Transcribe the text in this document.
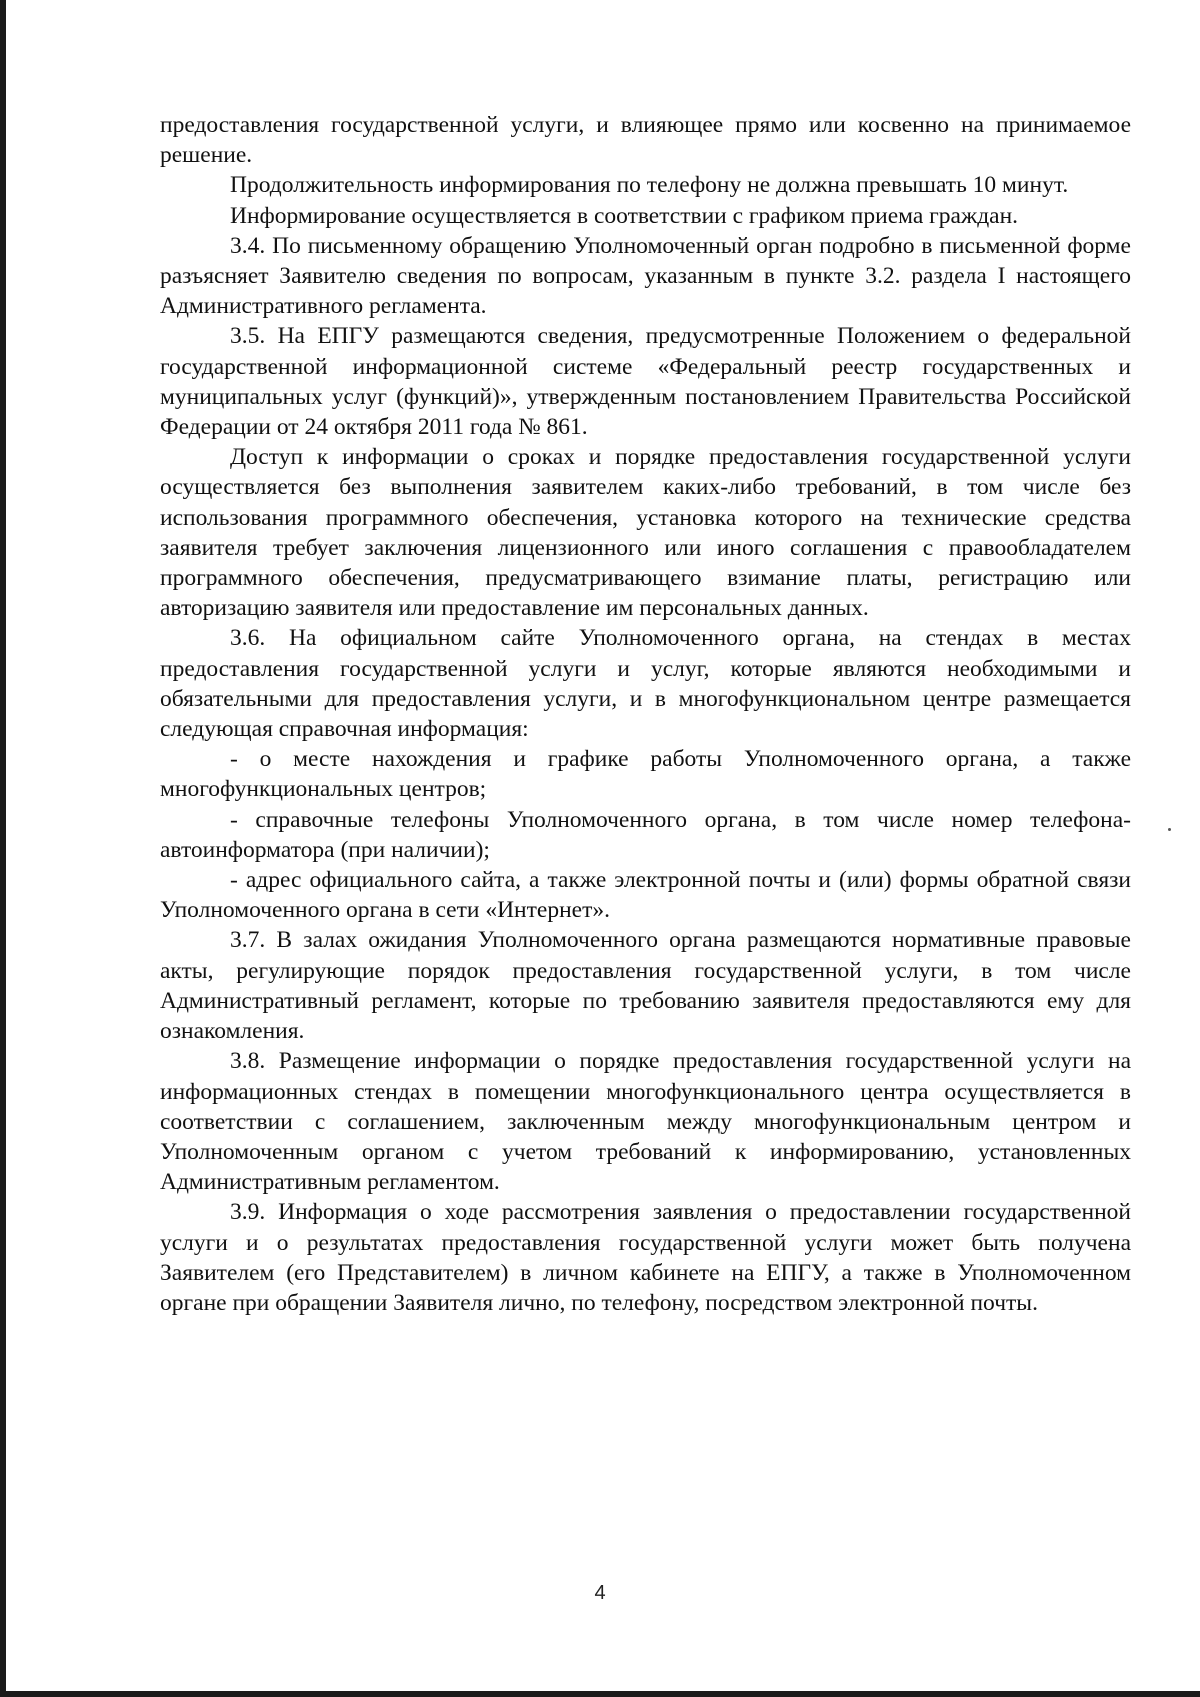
предоставления государственной услуги, и влияющее прямо или косвенно на принимаемое решение.

Продолжительность информирования по телефону не должна превышать 10 минут.

Информирование осуществляется в соответствии с графиком приема граждан.

3.4. По письменному обращению Уполномоченный орган подробно в письменной форме разъясняет Заявителю сведения по вопросам, указанным в пункте 3.2. раздела I настоящего Административного регламента.

3.5. На ЕПГУ размещаются сведения, предусмотренные Положением о федеральной государственной информационной системе «Федеральный реестр государственных и муниципальных услуг (функций)», утвержденным постановлением Правительства Российской Федерации от 24 октября 2011 года № 861.

Доступ к информации о сроках и порядке предоставления государственной услуги осуществляется без выполнения заявителем каких-либо требований, в том числе без использования программного обеспечения, установка которого на технические средства заявителя требует заключения лицензионного или иного соглашения с правообладателем программного обеспечения, предусматривающего взимание платы, регистрацию или авторизацию заявителя или предоставление им персональных данных.

3.6. На официальном сайте Уполномоченного органа, на стендах в местах предоставления государственной услуги и услуг, которые являются необходимыми и обязательными для предоставления услуги, и в многофункциональном центре размещается следующая справочная информация:

- о месте нахождения и графике работы Уполномоченного органа, а также многофункциональных центров;

- справочные телефоны Уполномоченного органа, в том числе номер телефона-автоинформатора (при наличии);

- адрес официального сайта, а также электронной почты и (или) формы обратной связи Уполномоченного органа в сети «Интернет».

3.7. В залах ожидания Уполномоченного органа размещаются нормативные правовые акты, регулирующие порядок предоставления государственной услуги, в том числе Административный регламент, которые по требованию заявителя предоставляются ему для ознакомления.

3.8. Размещение информации о порядке предоставления государственной услуги на информационных стендах в помещении многофункционального центра осуществляется в соответствии с соглашением, заключенным между многофункциональным центром и Уполномоченным органом с учетом требований к информированию, установленных Административным регламентом.

3.9. Информация о ходе рассмотрения заявления о предоставлении государственной услуги и о результатах предоставления государственной услуги может быть получена Заявителем (его Представителем) в личном кабинете на ЕПГУ, а также в Уполномоченном органе при обращении Заявителя лично, по телефону, посредством электронной почты.

4
